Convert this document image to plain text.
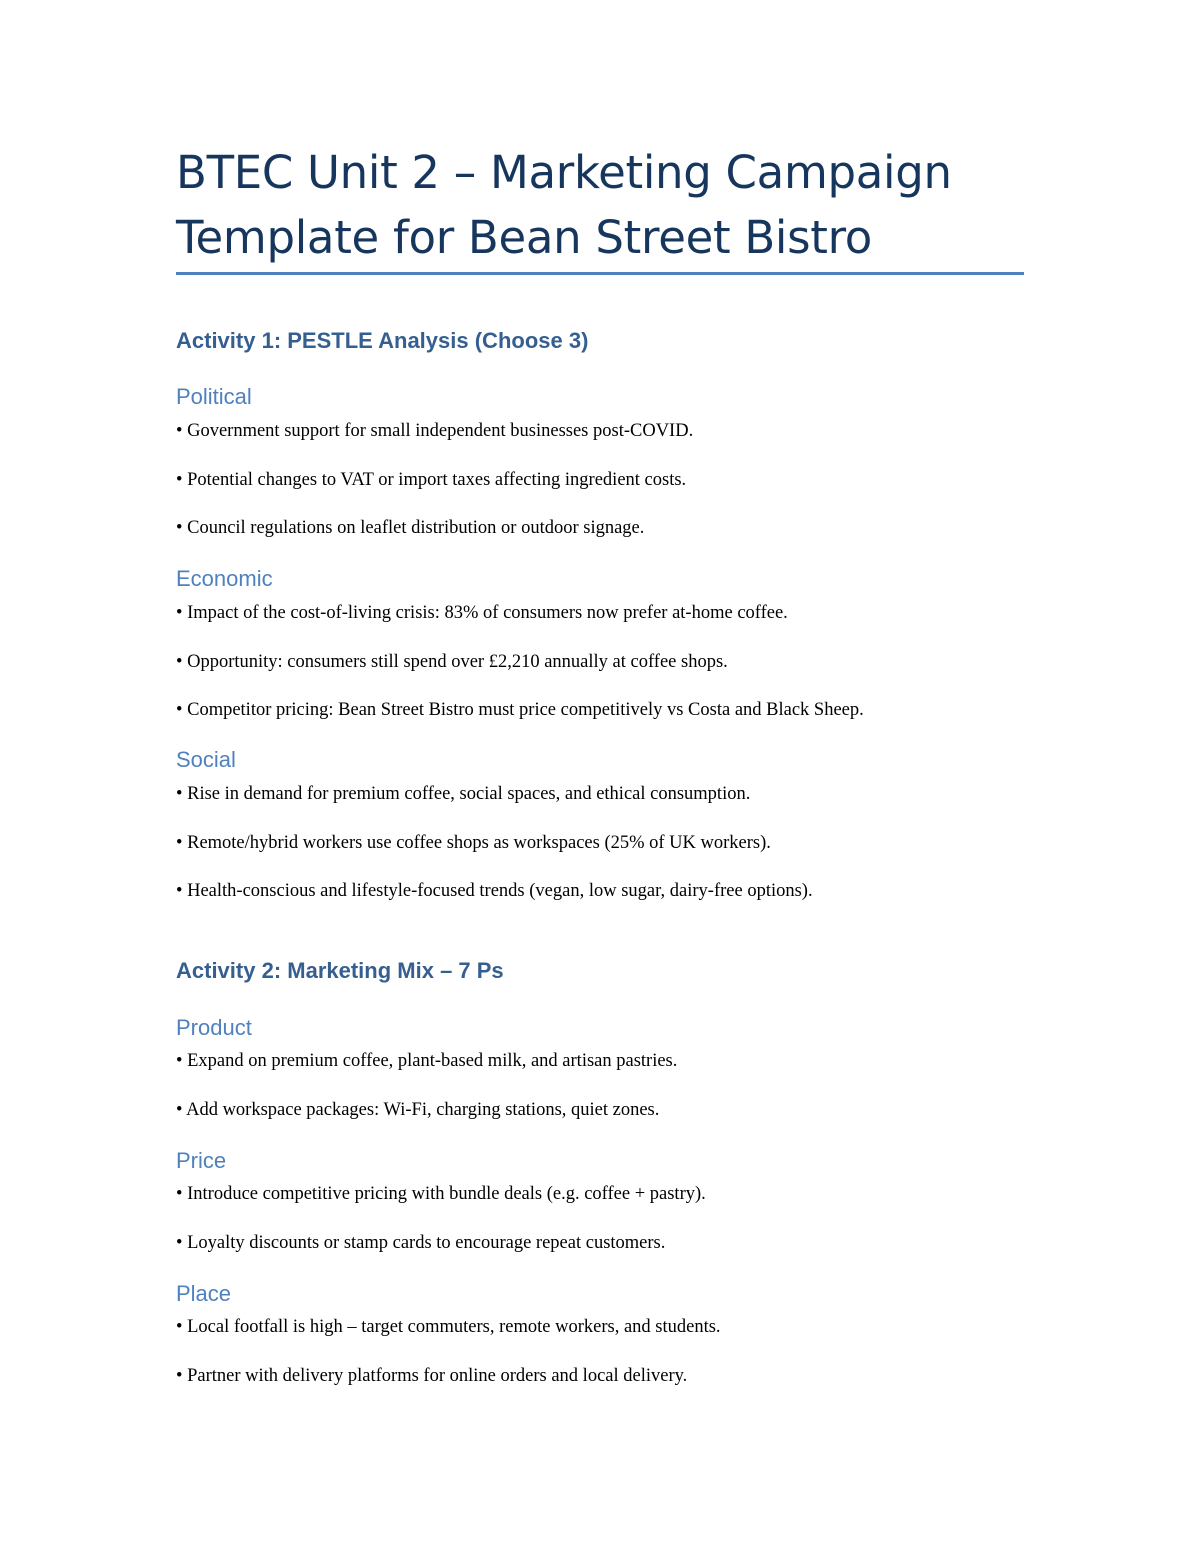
BTEC Unit 2 – Marketing Campaign
Template for Bean Street Bistro
Activity 1: PESTLE Analysis (Choose 3)
Political

• Government support for small independent businesses post-COVID.

• Potential changes to VAT or import taxes affecting ingredient costs.

• Council regulations on leaflet distribution or outdoor signage.

Economic

• Impact of the cost-of-living crisis: 83% of consumers now prefer at-home coffee.

• Opportunity: consumers still spend over £2,210 annually at coffee shops.

• Competitor pricing: Bean Street Bistro must price competitively vs Costa and Black Sheep.

Social

• Rise in demand for premium coffee, social spaces, and ethical consumption.

• Remote/hybrid workers use coffee shops as workspaces (25% of UK workers).

• Health-conscious and lifestyle-focused trends (vegan, low sugar, dairy-free options).

Activity 2: Marketing Mix – 7 Ps
Product

• Expand on premium coffee, plant-based milk, and artisan pastries.

• Add workspace packages: Wi-Fi, charging stations, quiet zones.

Price

• Introduce competitive pricing with bundle deals (e.g. coffee + pastry).

• Loyalty discounts or stamp cards to encourage repeat customers.

Place

• Local footfall is high – target commuters, remote workers, and students.

• Partner with delivery platforms for online orders and local delivery.
